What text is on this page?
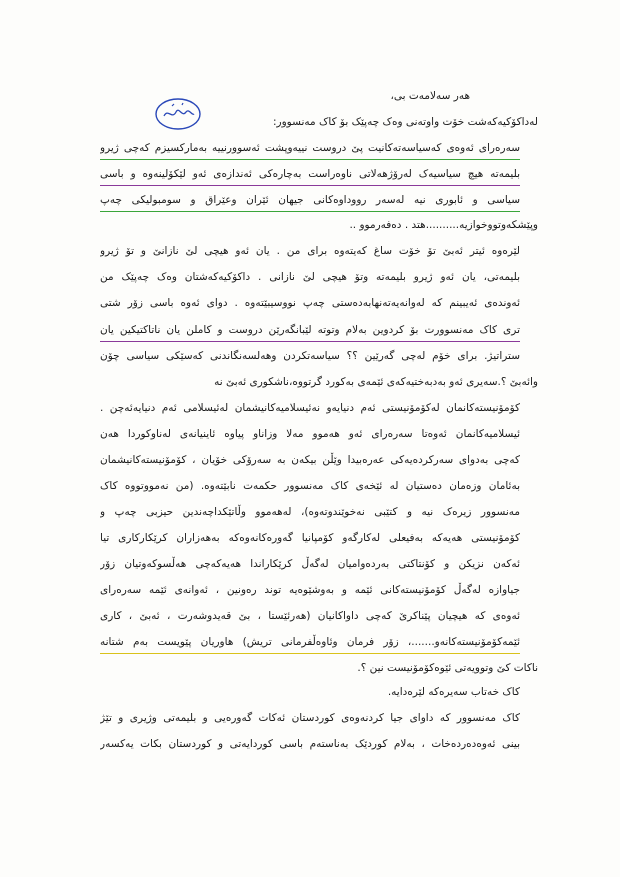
هەر سەلامەت بی،
لەداکۆکیەکەشت خۆت واوتەنی وەک چەپێک بۆ کاک مەنسوور:
سەرەرای ئەوەی کەسیاسەتەکانیت پێ دروست نییەوپشت ئەسوورنییە بەمارکسیزم کەچی ژیرو
بلیمەتە هیچ سیاسیەک لەرۆژهەلاتی ناوەراست بەچارەکی ئەندازەی ئەو لێکۆلینەوە و باسی
سیاسی و ئابوری نیە لەسەر رووداوەکانی جیهان ئێران وعێراق و سومبولیکی چەپ
وپێشکەوتووخوازیە..........هتد . دەفەرموو ..
لێرەوە ئیتر ئەبێ تۆ خۆت ساغ کەیتەوە برای من . یان ئەو هیچی لێ نازانێ و تۆ ژیرو
بلیمەتی، یان ئەو ژیرو بلیمەتە وتۆ هیچی لێ نازانی . داکۆکیەکەشتان وەک چەپێک من
ئەوندەی ئەیبینم کە لەوانەیەتەنهابەدەستی چەپ نووسیبێتەوە . دوای ئەوە باسی زۆر شتی
تری کاک مەنسوورت بۆ کردوین بەلام وتوتە لێبانگەرێن دروست و کاملن یان ناتاکتیکین یان
ستراتیژ. برای خۆم لەچی گەرێین ؟؟ سیاسەتکردن وهەلسەنگاندنی کەسێکی سیاسی چۆن
وائەبێ ؟.سەیری ئەو بەدبەختیەکەی ئێمەی بەکورد گرتووە،ناشکوری ئەبێ نە
کۆمۆنیستەکانمان لەکۆمۆنیستی ئەم دنیایەو نەئیسلامیەکانیشمان لەئیسلامی ئەم دنیایەئەچن .
ئیسلامیەکانمان ئەوەتا سەرەرای ئەو هەموو مەلا وزاناو پیاوە ئاینیانەی لەناوکوردا هەن
کەچی بەدوای سەرکردەیەکی عەرەبیدا وێڵن بیکەن بە سەرۆکی خۆیان ، کۆمۆنیستەکانیشمان
بەئامان وزەمان دەستیان لە ئێخەی کاک مەنسوور حکمەت نابێتەوە. (من نەمووتووە کاک
مەنسوور زیرەک نیە و کتێبی نەخوێندوتەوە)، لەهەموو وڵاتێکداچەندین حیزبی چەپ و
کۆمۆنیستی هەیەکە بەفیعلی لەکارگەو کۆمپانیا گەورەکانەوەکە بەهەزاران کرێکارکاری تیا
ئەکەن نزیکن و کۆنتاکتی بەردەوامیان لەگەڵ کرێکاراندا هەیەکەچی هەڵسوکەوتیان زۆر
جیاوازە لەگەڵ کۆمۆنیستەکانی ئێمە و بەوشێوەیە توند رەونین ، ئەوانەی ئێمە سەرەرای
ئەوەی کە هیچیان پێناکرێ کەچی داواکانیان (هەرئێستا ، بێ قەیدوشەرت ، ئەبێ ، کاری
ئێمەکۆمۆنیستەکانەو.......، زۆر فرمان وئاوەڵفرمانی تریش) هاوریان پێویست بەم شتانە
ناکات کێ وتوویەتی ئێوەکۆمۆنیست نین ؟.
کاک خەتاب سەیرەکە لێرەدایە.
کاک مەنسوور کە داوای جیا کردنەوەی کوردستان ئەکات گەورەیی و بلیمەتی وژیری و تێژ
بینی ئەوەدەردەخات ، بەلام کوردێک بەناستەم باسی کوردایەتی و کوردستان بکات یەکسەر
